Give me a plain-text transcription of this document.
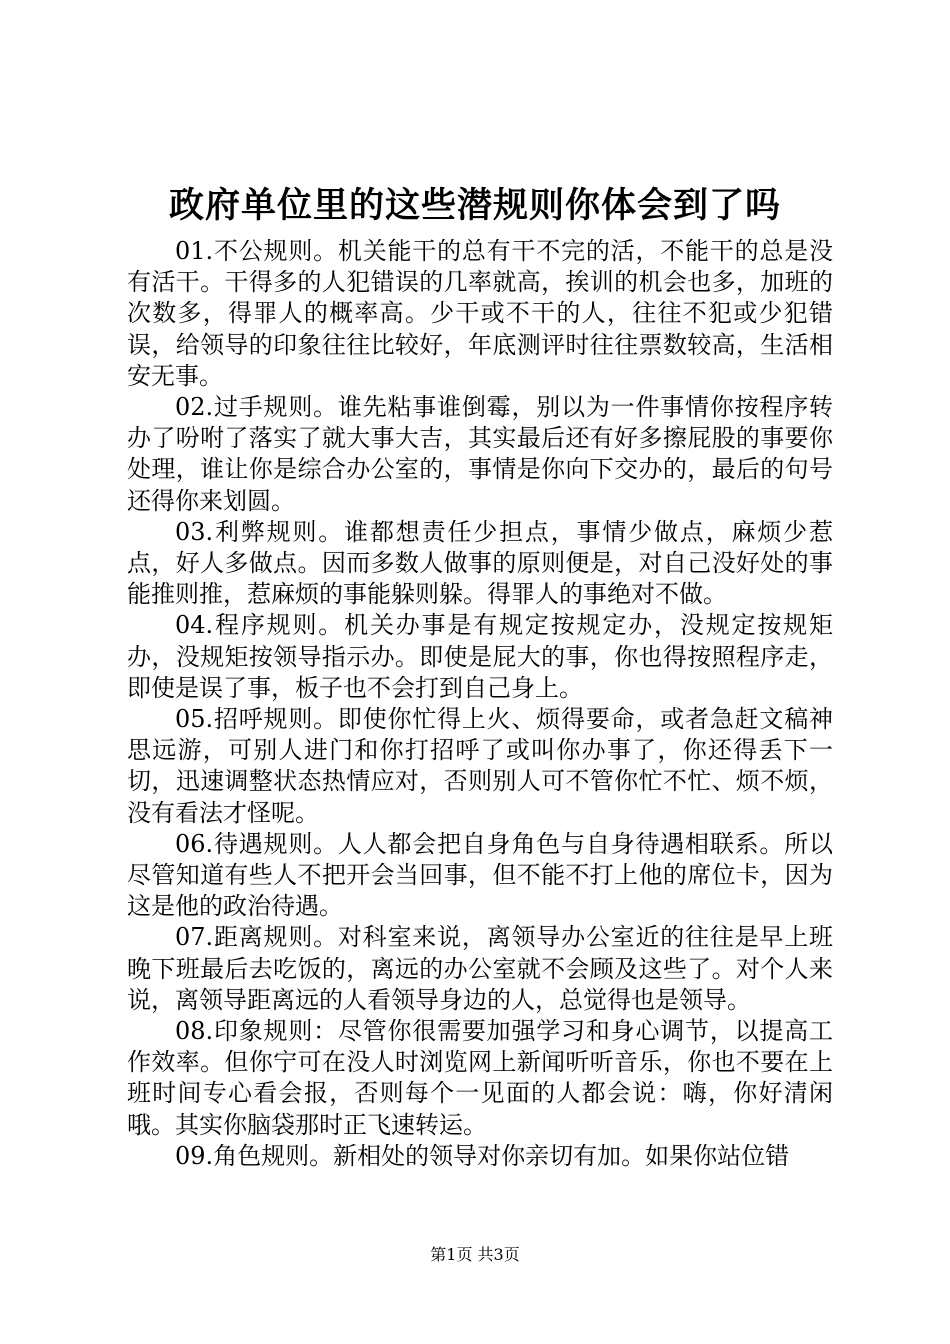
政府单位里的这些潜规则你体会到了吗

01.不公规则。机关能干的总有干不完的活，不能干的总是没有活干。干得多的人犯错误的几率就高，挨训的机会也多，加班的次数多，得罪人的概率高。少干或不干的人，往往不犯或少犯错误，给领导的印象往往比较好，年底测评时往往票数较高，生活相安无事。

02.过手规则。谁先粘事谁倒霉，别以为一件事情你按程序转办了吩咐了落实了就大事大吉，其实最后还有好多擦屁股的事要你处理，谁让你是综合办公室的，事情是你向下交办的，最后的句号还得你来划圆。

03.利弊规则。谁都想责任少担点，事情少做点，麻烦少惹点，好人多做点。因而多数人做事的原则便是，对自己没好处的事能推则推，惹麻烦的事能躲则躲。得罪人的事绝对不做。

04.程序规则。机关办事是有规定按规定办，没规定按规矩办，没规矩按领导指示办。即使是屁大的事，你也得按照程序走，即使是误了事，板子也不会打到自己身上。

05.招呼规则。即使你忙得上火、烦得要命，或者急赶文稿神思远游，可别人进门和你打招呼了或叫你办事了，你还得丢下一切，迅速调整状态热情应对，否则别人可不管你忙不忙、烦不烦，没有看法才怪呢。

06.待遇规则。人人都会把自身角色与自身待遇相联系。所以尽管知道有些人不把开会当回事，但不能不打上他的席位卡，因为这是他的政治待遇。

07.距离规则。对科室来说，离领导办公室近的往往是早上班晚下班最后去吃饭的，离远的办公室就不会顾及这些了。对个人来说，离领导距离远的人看领导身边的人，总觉得也是领导。

08.印象规则：尽管你很需要加强学习和身心调节，以提高工作效率。但你宁可在没人时浏览网上新闻听听音乐，你也不要在上班时间专心看会报，否则每个一见面的人都会说：嗨，你好清闲哦。其实你脑袋那时正飞速转运。

09.角色规则。新相处的领导对你亲切有加。如果你站位错

第1页 共3页
